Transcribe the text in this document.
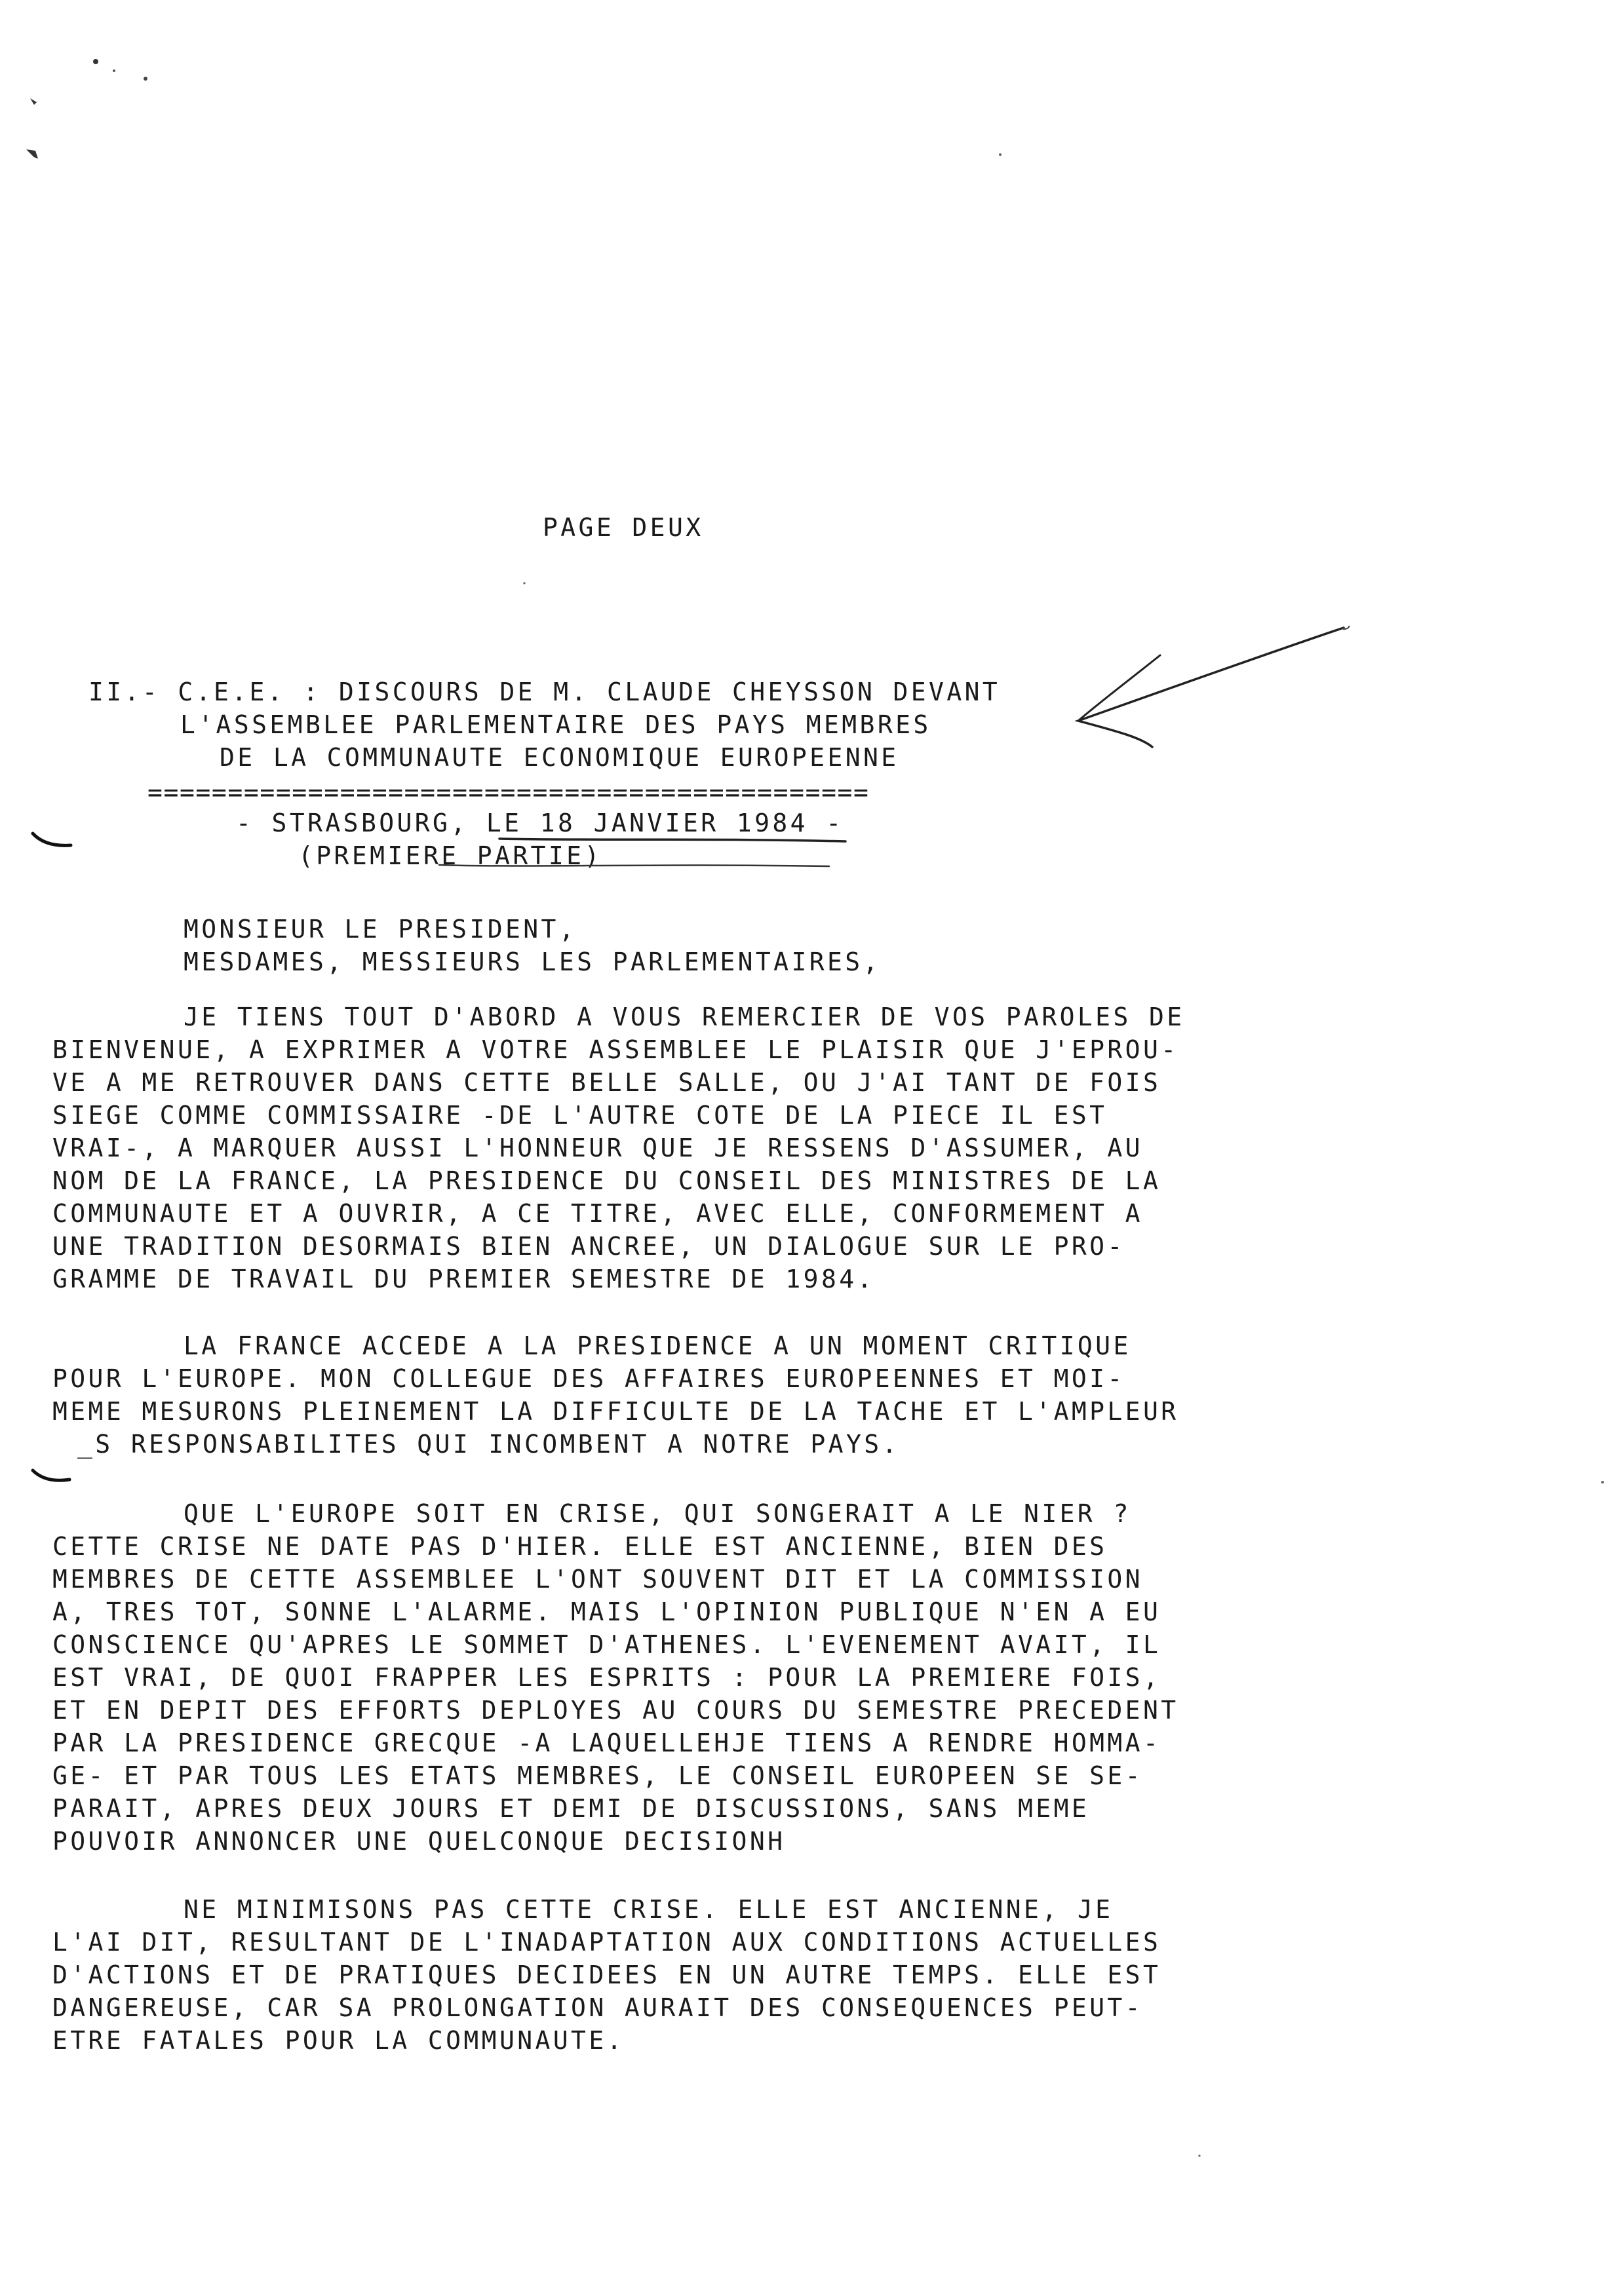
PAGE DEUX
II.- C.E.E. : DISCOURS DE M. CLAUDE CHEYSSON DEVANT
L'ASSEMBLEE PARLEMENTAIRE DES PAYS MEMBRES
DE LA COMMUNAUTE ECONOMIQUE EUROPEENNE
=============================================
- STRASBOURG, LE 18 JANVIER 1984 -
(PREMIERE PARTIE)
MONSIEUR LE PRESIDENT,
MESDAMES, MESSIEURS LES PARLEMENTAIRES,
JE TIENS TOUT D'ABORD A VOUS REMERCIER DE VOS PAROLES DE
BIENVENUE, A EXPRIMER A VOTRE ASSEMBLEE LE PLAISIR QUE J'EPROU-
VE A ME RETROUVER DANS CETTE BELLE SALLE, OU J'AI TANT DE FOIS
SIEGE COMME COMMISSAIRE -DE L'AUTRE COTE DE LA PIECE IL EST
VRAI-, A MARQUER AUSSI L'HONNEUR QUE JE RESSENS D'ASSUMER, AU
NOM DE LA FRANCE, LA PRESIDENCE DU CONSEIL DES MINISTRES DE LA
COMMUNAUTE ET A OUVRIR, A CE TITRE, AVEC ELLE, CONFORMEMENT A
UNE TRADITION DESORMAIS BIEN ANCREE, UN DIALOGUE SUR LE PRO-
GRAMME DE TRAVAIL DU PREMIER SEMESTRE DE 1984.
LA FRANCE ACCEDE A LA PRESIDENCE A UN MOMENT CRITIQUE
POUR L'EUROPE. MON COLLEGUE DES AFFAIRES EUROPEENNES ET MOI-
MEME MESURONS PLEINEMENT LA DIFFICULTE DE LA TACHE ET L'AMPLEUR
_S RESPONSABILITES QUI INCOMBENT A NOTRE PAYS.
QUE L'EUROPE SOIT EN CRISE, QUI SONGERAIT A LE NIER ?
CETTE CRISE NE DATE PAS D'HIER. ELLE EST ANCIENNE, BIEN DES
MEMBRES DE CETTE ASSEMBLEE L'ONT SOUVENT DIT ET LA COMMISSION
A, TRES TOT, SONNE L'ALARME. MAIS L'OPINION PUBLIQUE N'EN A EU
CONSCIENCE QU'APRES LE SOMMET D'ATHENES. L'EVENEMENT AVAIT, IL
EST VRAI, DE QUOI FRAPPER LES ESPRITS : POUR LA PREMIERE FOIS,
ET EN DEPIT DES EFFORTS DEPLOYES AU COURS DU SEMESTRE PRECEDENT
PAR LA PRESIDENCE GRECQUE -A LAQUELLEHJE TIENS A RENDRE HOMMA-
GE- ET PAR TOUS LES ETATS MEMBRES, LE CONSEIL EUROPEEN SE SE-
PARAIT, APRES DEUX JOURS ET DEMI DE DISCUSSIONS, SANS MEME
POUVOIR ANNONCER UNE QUELCONQUE DECISIONH
NE MINIMISONS PAS CETTE CRISE. ELLE EST ANCIENNE, JE
L'AI DIT, RESULTANT DE L'INADAPTATION AUX CONDITIONS ACTUELLES
D'ACTIONS ET DE PRATIQUES DECIDEES EN UN AUTRE TEMPS. ELLE EST
DANGEREUSE, CAR SA PROLONGATION AURAIT DES CONSEQUENCES PEUT-
ETRE FATALES POUR LA COMMUNAUTE.
